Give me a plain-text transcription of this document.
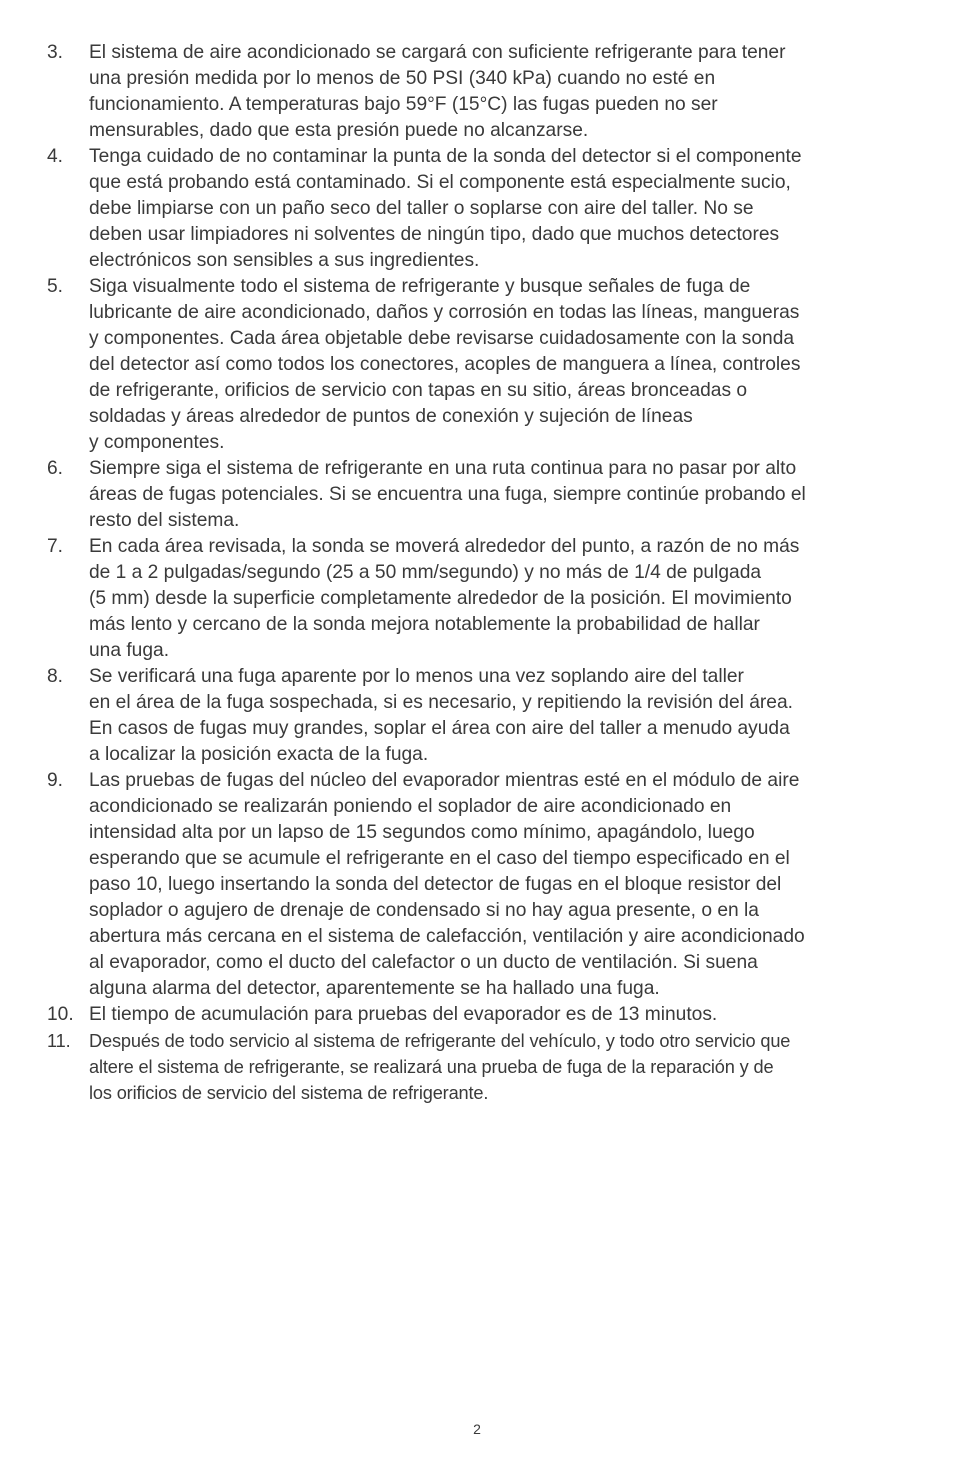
3. El sistema de aire acondicionado se cargará con suficiente refrigerante para tener
una presión medida por lo menos de 50 PSI (340 kPa) cuando no esté en
funcionamiento. A temperaturas bajo 59°F (15°C) las fugas pueden no ser
mensurables, dado que esta presión puede no alcanzarse.
4. Tenga cuidado de no contaminar la punta de la sonda del detector si el componente
que está probando está contaminado. Si el componente está especialmente sucio,
debe limpiarse con un paño seco del taller o soplarse con aire del taller. No se
deben usar limpiadores ni solventes de ningún tipo, dado que muchos detectores
electrónicos son sensibles a sus ingredientes.
5. Siga visualmente todo el sistema de refrigerante y busque señales de fuga de
lubricante de aire acondicionado, daños y corrosión en todas las líneas, mangueras
y componentes. Cada área objetable debe revisarse cuidadosamente con la sonda
del detector así como todos los conectores, acoples de manguera a línea, controles
de refrigerante, orificios de servicio con tapas en su sitio, áreas bronceadas o
soldadas y áreas alrededor de puntos de conexión y sujeción de líneas
y componentes.
6. Siempre siga el sistema de refrigerante en una ruta continua para no pasar por alto
áreas de fugas potenciales. Si se encuentra una fuga, siempre continúe probando el
resto del sistema.
7. En cada área revisada, la sonda se moverá alrededor del punto, a razón de no más
de 1 a 2 pulgadas/segundo (25 a 50 mm/segundo) y no más de 1/4 de pulgada
(5 mm) desde la superficie completamente alrededor de la posición. El movimiento
más lento y cercano de la sonda mejora notablemente la probabilidad de hallar
una fuga.
8. Se verificará una fuga aparente por lo menos una vez soplando aire del taller
en el área de la fuga sospechada, si es necesario, y repitiendo la revisión del área.
En casos de fugas muy grandes, soplar el área con aire del taller a menudo ayuda
a localizar la posición exacta de la fuga.
9. Las pruebas de fugas del núcleo del evaporador mientras esté en el módulo de aire
acondicionado se realizarán poniendo el soplador de aire acondicionado en
intensidad alta por un lapso de 15 segundos como mínimo, apagándolo, luego
esperando que se acumule el refrigerante en el caso del tiempo especificado en el
paso 10, luego insertando la sonda del detector de fugas en el bloque resistor del
soplador o agujero de drenaje de condensado si no hay agua presente, o en la
abertura más cercana en el sistema de calefacción, ventilación y aire acondicionado
al evaporador, como el ducto del calefactor o un ducto de ventilación. Si suena
alguna alarma del detector, aparentemente se ha hallado una fuga.
10. El tiempo de acumulación para pruebas del evaporador es de 13 minutos.
11. Después de todo servicio al sistema de refrigerante del vehículo, y todo otro servicio que
altere el sistema de refrigerante, se realizará una prueba de fuga de la reparación y de
los orificios de servicio del sistema de refrigerante.
2
